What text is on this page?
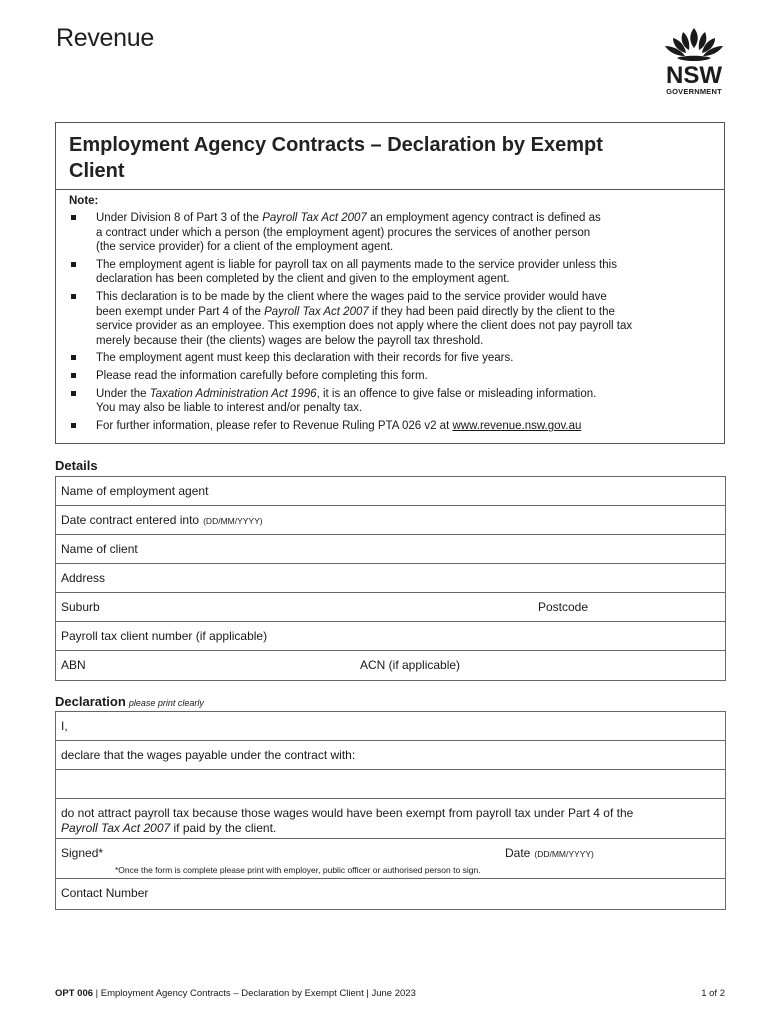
Revenue
NSW
GOVERNMENT
Employment Agency Contracts – Declaration by Exempt Client
Note:
Under Division 8 of Part 3 of the Payroll Tax Act 2007 an employment agency contract is defined as
a contract under which a person (the employment agent) procures the services of another person
(the service provider) for a client of the employment agent.
The employment agent is liable for payroll tax on all payments made to the service provider unless this
declaration has been completed by the client and given to the employment agent.
This declaration is to be made by the client where the wages paid to the service provider would have
been exempt under Part 4 of the Payroll Tax Act 2007 if they had been paid directly by the client to the
service provider as an employee. This exemption does not apply where the client does not pay payroll tax
merely because their (the clients) wages are below the payroll tax threshold.
The employment agent must keep this declaration with their records for five years.
Please read the information carefully before completing this form.
Under the Taxation Administration Act 1996, it is an offence to give false or misleading information.
You may also be liable to interest and/or penalty tax.
For further information, please refer to Revenue Ruling PTA 026 v2 at www.revenue.nsw.gov.au
Details
Name of employment agent
Date contract entered into (DD/MM/YYYY)
Name of client
Address
Suburb	Postcode
Payroll tax client number (if applicable)
ABN	ACN (if applicable)
Declaration please print clearly
I,
declare that the wages payable under the contract with:
do not attract payroll tax because those wages would have been exempt from payroll tax under Part 4 of the
Payroll Tax Act 2007 if paid by the client.
Signed*	Date (DD/MM/YYYY)
*Once the form is complete please print with employer, public officer or authorised person to sign.
Contact Number
OPT 006 | Employment Agency Contracts – Declaration by Exempt Client | June 2023	1 of 2
